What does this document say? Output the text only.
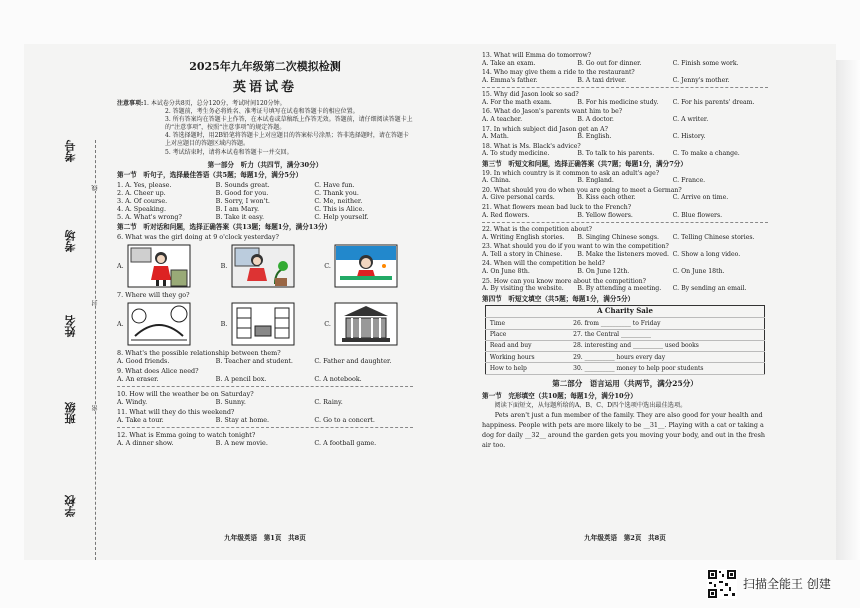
考号
考场
姓名
班级
学校
线
封
密
2025年九年级第二次模拟检测
英语试卷
注意事项:1. 本试卷分共8页，总分120分，考试时间120分钟。
2. 答题前，考生务必将姓名、准考证号填写在试卷和答题卡的相应位置。
3. 所有答案均在答题卡上作答，在本试卷或草稿纸上作答无效。答题前，请仔细阅读答题卡上的“注意事项”，按照“注意事项”的规定答题。
4. 答选择题时，用2B铅笔将答题卡上对应题目的答案标号涂黑；答非选择题时，请在答题卡上对应题目的答题区域内答题。
5. 考试结束时，请将本试卷和答题卡一并交回。
第一部分　听力（共四节，满分30分）
第一节　听句子，选择最佳答语（共5题；每题1分，满分5分）
1. A. Yes, please.	B. Sounds great.	C. Have fun.
2. A. Cheer up.	B. Good for you.	C. Thank you.
3. A. Of course.	B. Sorry, I won't.	C. Me, neither.
4. A. Speaking.	B. I am Mary.	C. This is Alice.
5. A. What's wrong?	B. Take it easy.	C. Help yourself.
第二节　听对话和问题，选择正确答案（共13题；每题1分，满分13分）
6. What was the girl doing at 9 o'clock yesterday?
A.	B.	C.
7. Where will they go?
A.	B.	C.
8. What's the possible relationship between them?
A. Good friends.	B. Teacher and student.	C. Father and daughter.
9. What does Alice need?
A. An eraser.	B. A pencil box.	C. A notebook.
10. How will the weather be on Saturday?
A. Windy.	B. Sunny.	C. Rainy.
11. What will they do this weekend?
A. Take a tour.	B. Stay at home.	C. Go to a concert.
12. What is Emma going to watch tonight?
A. A dinner show.	B. A new movie.	C. A football game.
九年级英语　第1页　共8页
13. What will Emma do tomorrow?
A. Take an exam.	B. Go out for dinner.	C. Finish some work.
14. Who may give them a ride to the restaurant?
A. Emma's father.	B. A taxi driver.	C. Jenny's mother.
15. Why did Jason look so sad?
A. For the math exam.	B. For his medicine study.	C. For his parents' dream.
16. What do Jason's parents want him to be?
A. A teacher.	B. A doctor.	C. A writer.
17. In which subject did Jason get an A?
A. Math.	B. English.	C. History.
18. What is Ms. Black's advice?
A. To study medicine.	B. To talk to his parents.	C. To make a change.
第三节　听短文和问题，选择正确答案（共7题；每题1分，满分7分）
19. In which country is it common to ask an adult's age?
A. China.	B. England.	C. France.
20. What should you do when you are going to meet a German?
A. Give personal cards.	B. Kiss each other.	C. Arrive on time.
21. What flowers mean bad luck to the French?
A. Red flowers.	B. Yellow flowers.	C. Blue flowers.
22. What is the competition about?
A. Writing English stories.	B. Singing Chinese songs.	C. Telling Chinese stories.
23. What should you do if you want to win the competition?
A. Tell a story in Chinese.	B. Make the listeners moved. C. Show a long video.
24. When will the competition be held?
A. On June 8th.	B. On June 12th.	C. On June 18th.
25. How can you know more about the competition?
A. By visiting the website.	B. By attending a meeting.	C. By sending an email.
第四节　听短文填空（共5题；每题1分，满分5分）
A Charity Sale	
Time	26. from __________ to Friday
Place	27. the Central __________
Read and buy	28. interesting and __________ used books
Working hours	29. __________ hours every day
How to help	30. __________ money to help poor students
第二部分　语言运用（共两节，满分25分）
第一节　完形填空（共10题；每题1分，满分10分）
阅读下面短文，从每题所给的A、B、C、D四个选项中选出最佳选项。
Pets aren't just a fun member of the family. They are also good for your health and happiness. People with pets are more likely to be __31__. Playing with a cat or taking a dog for daily __32__ around the garden gets you moving your body, and out in the fresh air too.
九年级英语　第2页　共8页
扫描全能王 创建
